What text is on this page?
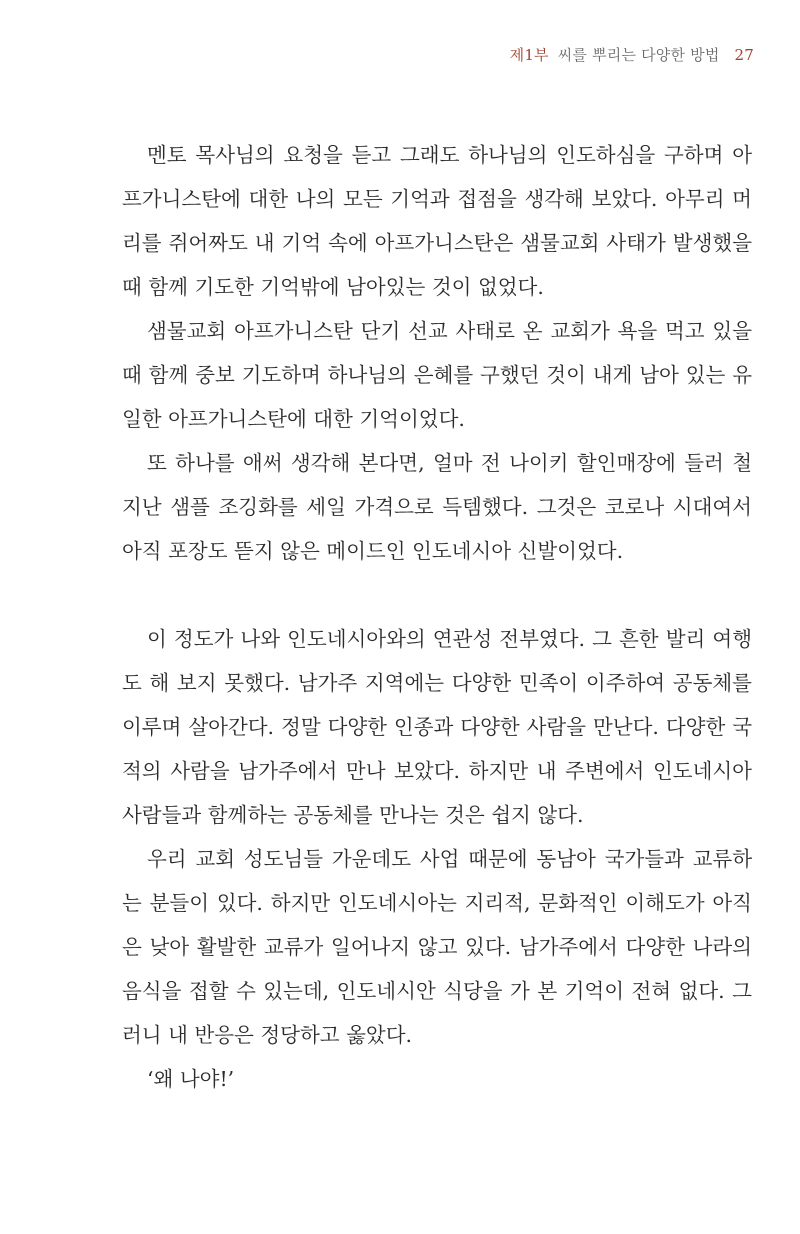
제1부 씨를 뿌리는 다양한 방법 27

멘토 목사님의 요청을 듣고 그래도 하나님의 인도하심을 구하며 아프가니스탄에 대한 나의 모든 기억과 접점을 생각해 보았다. 아무리 머리를 쥐어짜도 내 기억 속에 아프가니스탄은 샘물교회 사태가 발생했을 때 함께 기도한 기억밖에 남아있는 것이 없었다.

샘물교회 아프가니스탄 단기 선교 사태로 온 교회가 욕을 먹고 있을 때 함께 중보 기도하며 하나님의 은혜를 구했던 것이 내게 남아 있는 유일한 아프가니스탄에 대한 기억이었다.

또 하나를 애써 생각해 본다면, 얼마 전 나이키 할인매장에 들러 철 지난 샘플 조깅화를 세일 가격으로 득템했다. 그것은 코로나 시대여서 아직 포장도 뜯지 않은 메이드인 인도네시아 신발이었다.

이 정도가 나와 인도네시아와의 연관성 전부였다. 그 흔한 발리 여행도 해 보지 못했다. 남가주 지역에는 다양한 민족이 이주하여 공동체를 이루며 살아간다. 정말 다양한 인종과 다양한 사람을 만난다. 다양한 국적의 사람을 남가주에서 만나 보았다. 하지만 내 주변에서 인도네시아 사람들과 함께하는 공동체를 만나는 것은 쉽지 않다.

우리 교회 성도님들 가운데도 사업 때문에 동남아 국가들과 교류하는 분들이 있다. 하지만 인도네시아는 지리적, 문화적인 이해도가 아직은 낮아 활발한 교류가 일어나지 않고 있다. 남가주에서 다양한 나라의 음식을 접할 수 있는데, 인도네시안 식당을 가 본 기억이 전혀 없다. 그러니 내 반응은 정당하고 옳았다.

‘왜 나야!’
